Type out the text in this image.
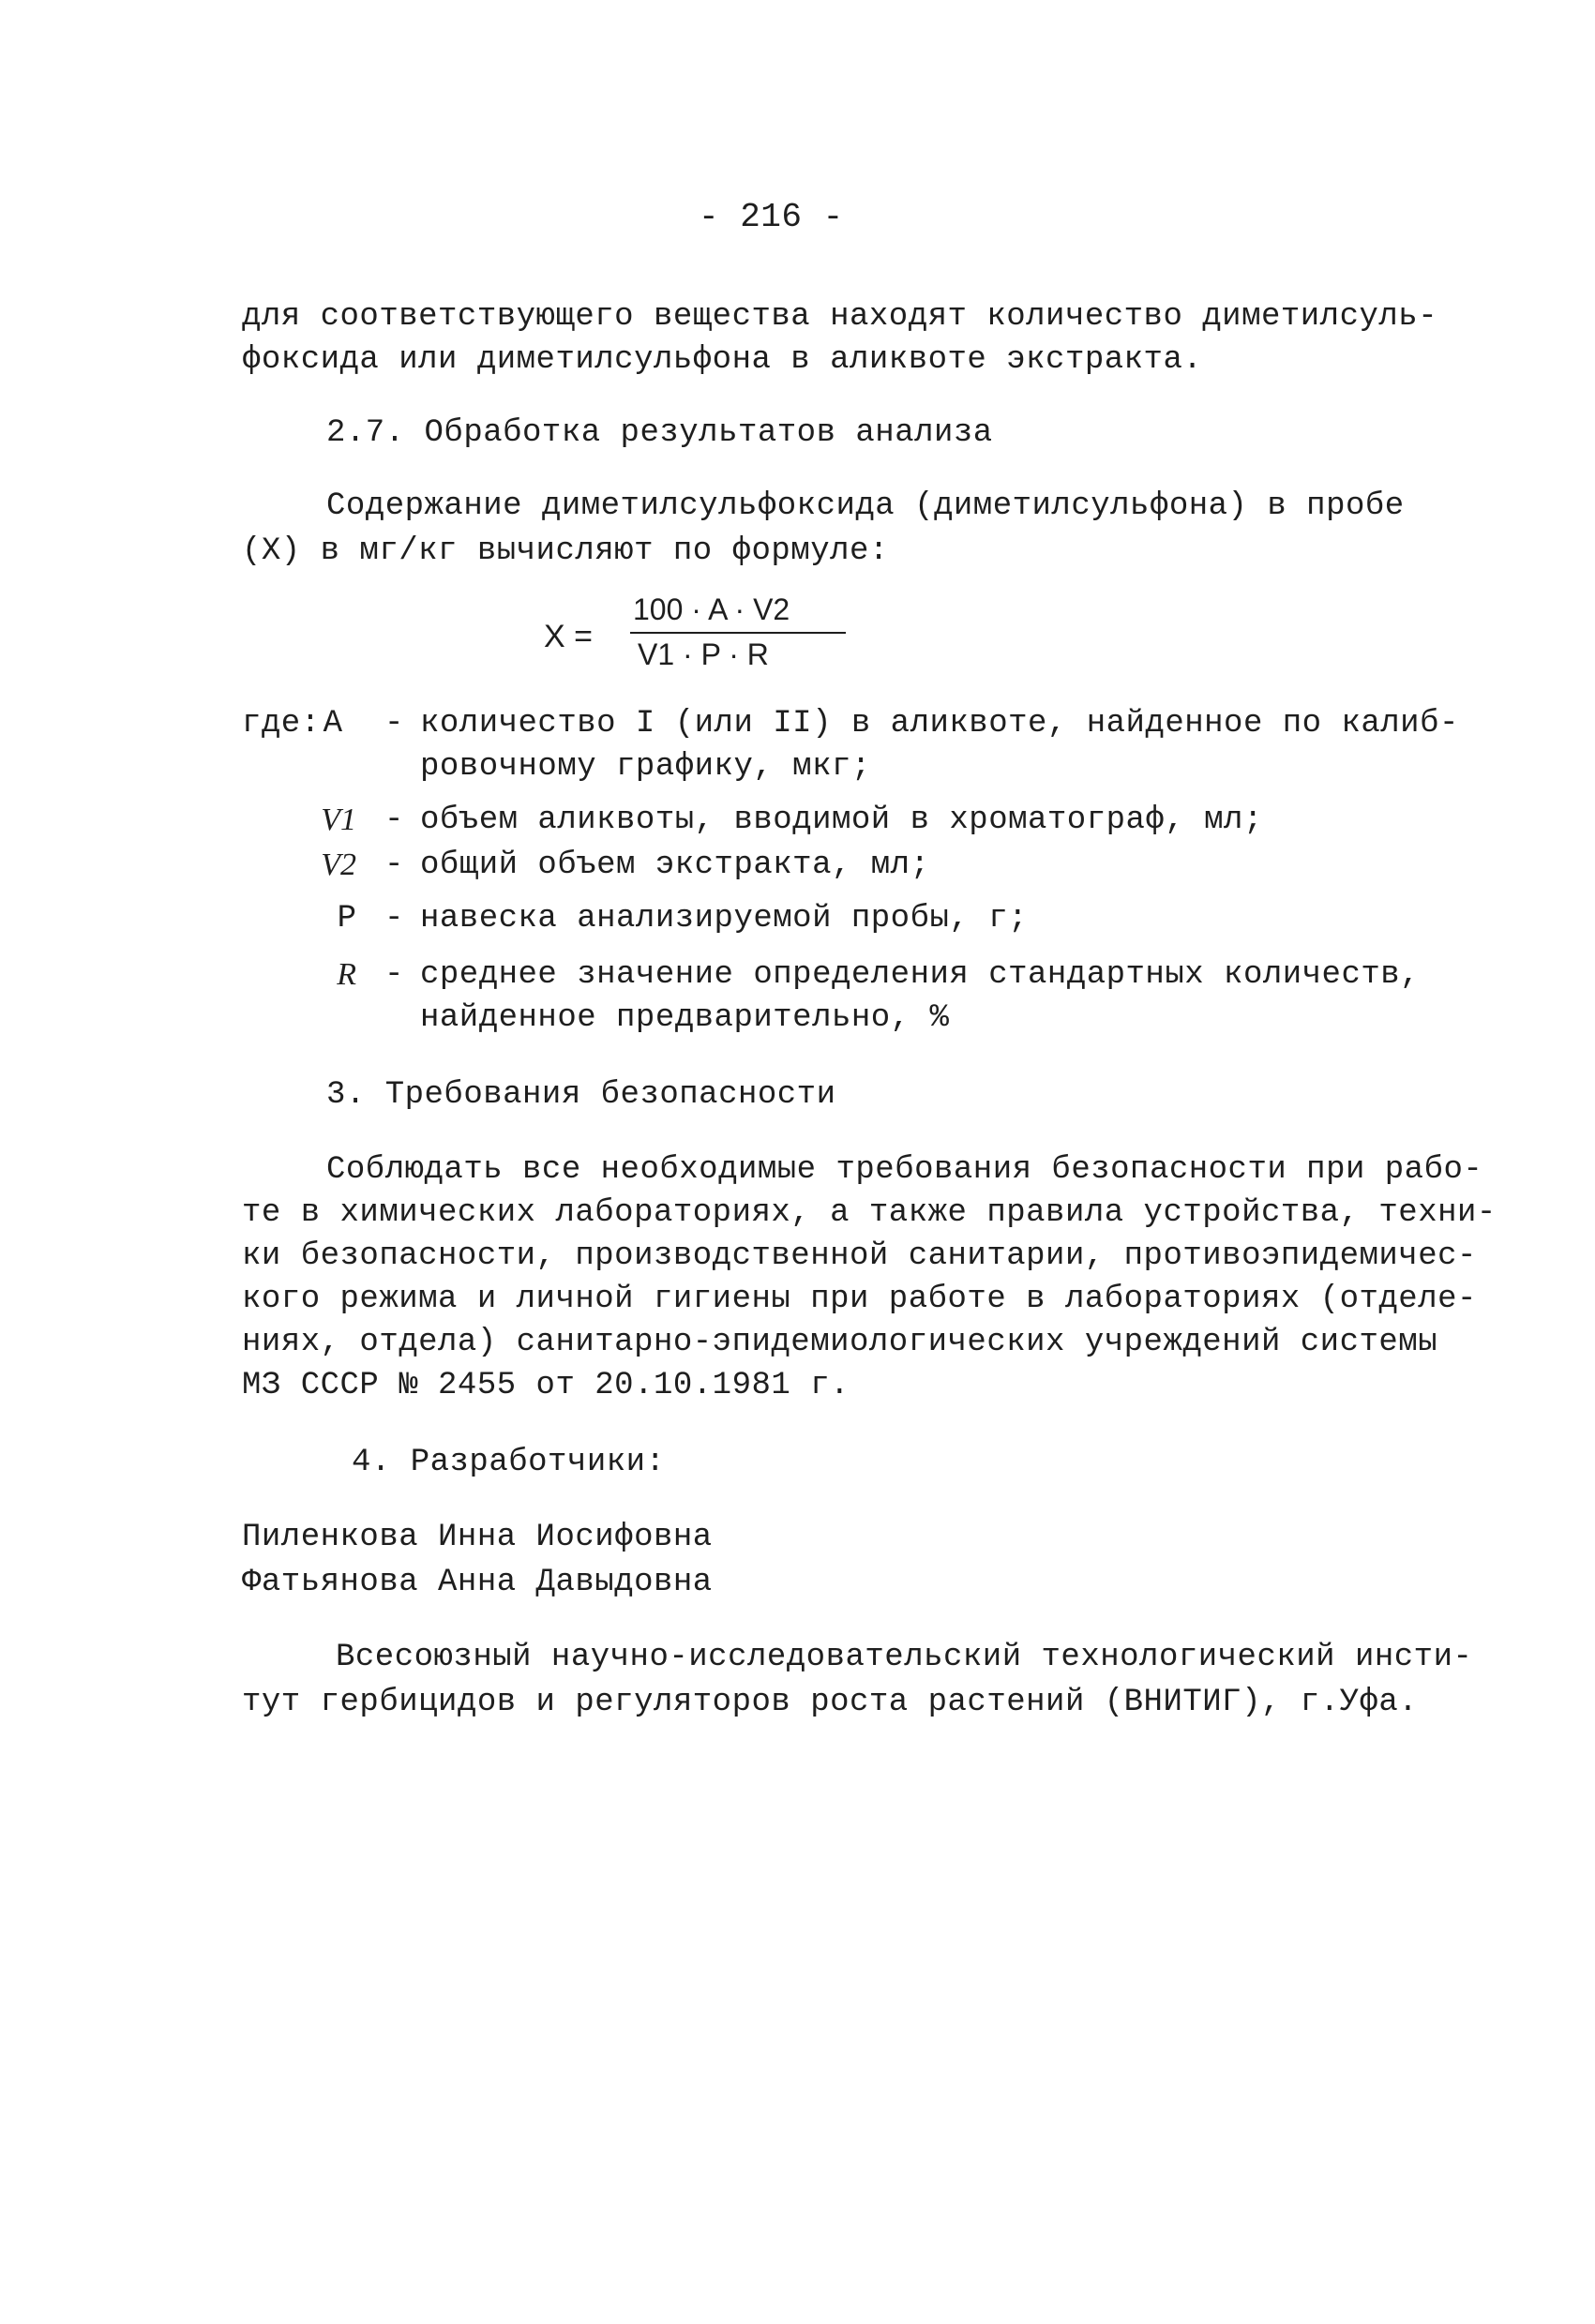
- 216 -
для соответствующего вещества находят количество диметилсуль-
фоксида или диметилсульфона в аликвоте экстракта.
2.7. Обработка результатов анализа
Содержание диметилсульфоксида (диметилсульфона) в пробе
(X) в мг/кг вычисляют по формуле:
X =
100 · A · V2
V1 · P · R
где: A - количество I (или II) в аликвоте, найденное по калиб-
ровочному графику, мкг;
V1 - объем аликвоты, вводимой в хроматограф, мл;
V2 - общий объем экстракта, мл;
P - навеска анализируемой пробы, г;
R - среднее значение определения стандартных количеств,
найденное предварительно, %
3. Требования безопасности
Соблюдать все необходимые требования безопасности при рабо-
те в химических лабораториях, а также правила устройства, техни-
ки безопасности, производственной санитарии, противоэпидемичес-
кого режима и личной гигиены при работе в лабораториях (отделе-
ниях, отдела) санитарно-эпидемиологических учреждений системы
МЗ СССР № 2455 от 20.10.1981 г.
4. Разработчики:
Пиленкова Инна Иосифовна
Фатьянова Анна Давыдовна
Всесоюзный научно-исследовательский технологический инсти-
тут гербицидов и регуляторов роста растений (ВНИТИГ), г.Уфа.
